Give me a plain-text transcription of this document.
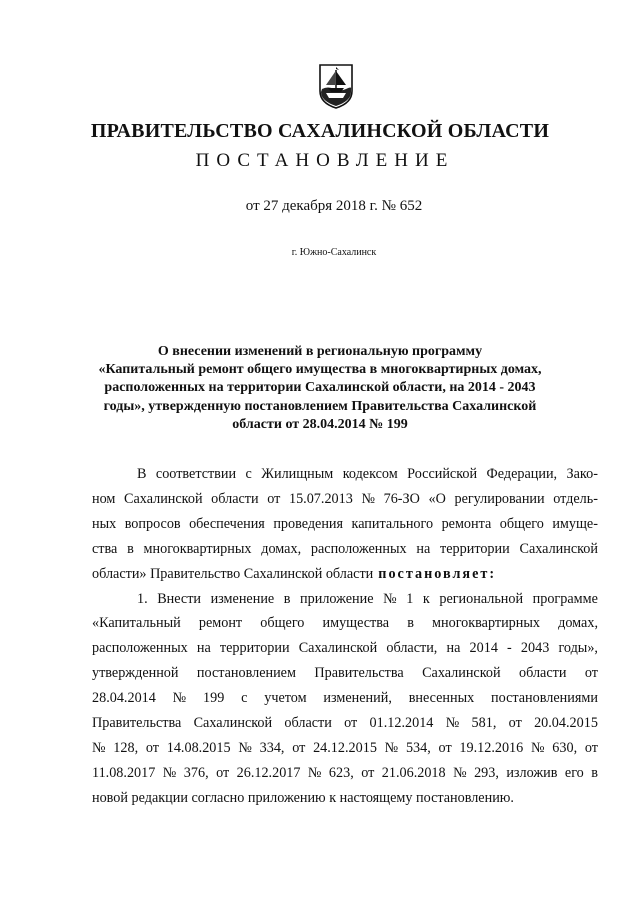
ПРАВИТЕЛЬСТВО САХАЛИНСКОЙ ОБЛАСТИ
ПОСТАНОВЛЕНИЕ
от 27 декабря 2018 г. № 652
г. Южно-Сахалинск
О внесении изменений в региональную программу
«Капитальный ремонт общего имущества в многоквартирных домах,
расположенных на территории Сахалинской области, на 2014 - 2043
годы», утвержденную постановлением Правительства Сахалинской
области от 28.04.2014 № 199
В соответствии с Жилищным кодексом Российской Федерации, Зако-
ном Сахалинской области от 15.07.2013 № 76-ЗО «О регулировании отдель-
ных вопросов обеспечения проведения капитального ремонта общего имуще-
ства в многоквартирных домах, расположенных на территории Сахалинской
области» Правительство Сахалинской области постановляет:
1. Внести изменение в приложение № 1 к региональной программе
«Капитальный ремонт общего имущества в многоквартирных домах,
расположенных на территории Сахалинской области, на 2014 - 2043 годы»,
утвержденной постановлением Правительства Сахалинской области от
28.04.2014 № 199 с учетом изменений, внесенных постановлениями
Правительства Сахалинской области от 01.12.2014 № 581, от 20.04.2015
№ 128, от 14.08.2015 № 334, от 24.12.2015 № 534, от 19.12.2016 № 630, от
11.08.2017 № 376, от 26.12.2017 № 623, от 21.06.2018 № 293, изложив его в
новой редакции согласно приложению к настоящему постановлению.
